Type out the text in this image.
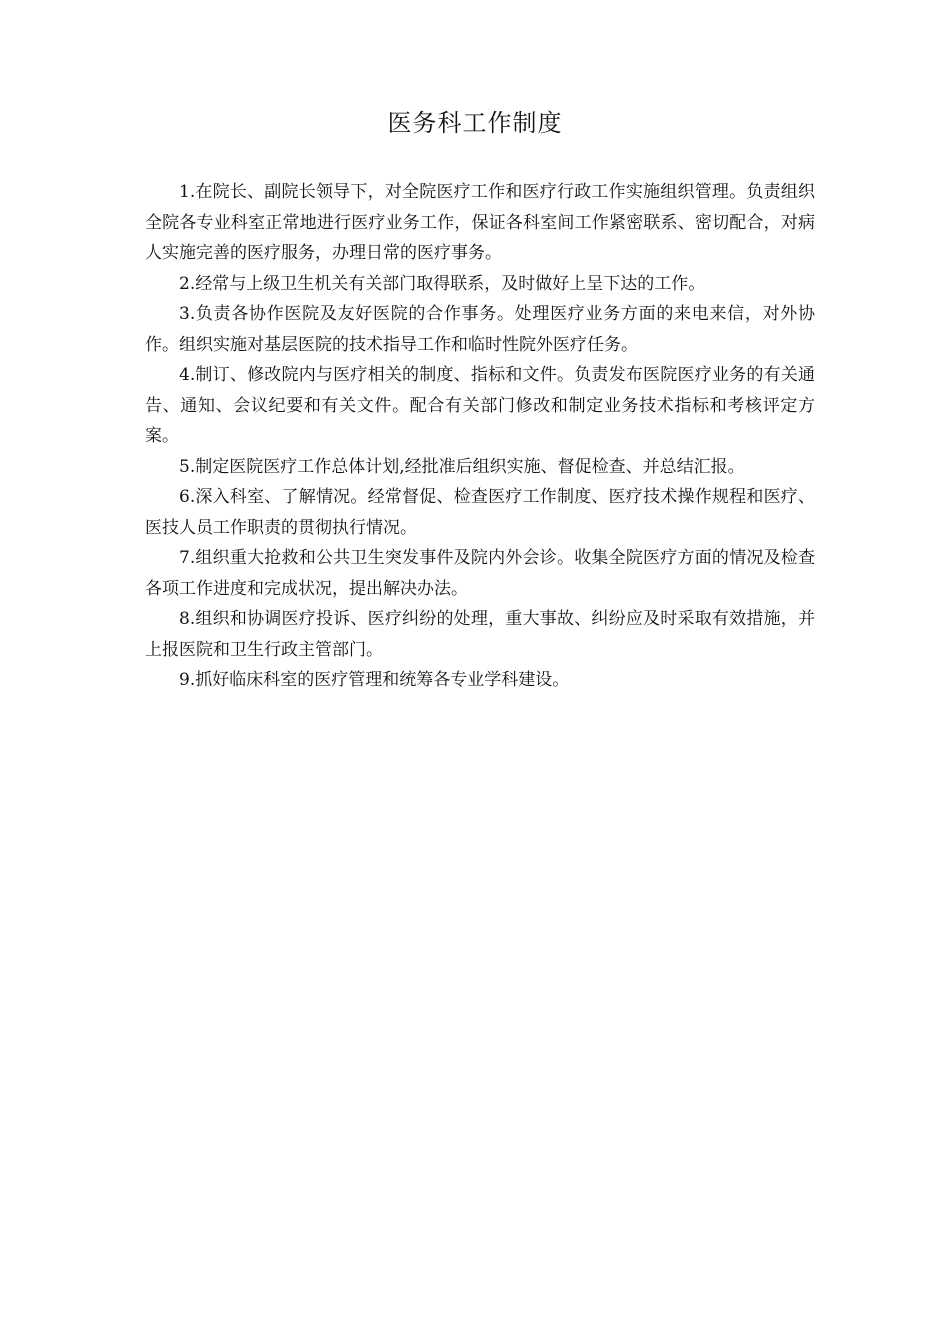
医务科工作制度

1.在院长、副院长领导下，对全院医疗工作和医疗行政工作实施组织管理。负责组织全院各专业科室正常地进行医疗业务工作，保证各科室间工作紧密联系、密切配合，对病人实施完善的医疗服务，办理日常的医疗事务。

2.经常与上级卫生机关有关部门取得联系，及时做好上呈下达的工作。

3.负责各协作医院及友好医院的合作事务。处理医疗业务方面的来电来信，对外协作。组织实施对基层医院的技术指导工作和临时性院外医疗任务。

4.制订、修改院内与医疗相关的制度、指标和文件。负责发布医院医疗业务的有关通告、通知、会议纪要和有关文件。配合有关部门修改和制定业务技术指标和考核评定方案。

5.制定医院医疗工作总体计划,经批准后组织实施、督促检查、并总结汇报。

6.深入科室、了解情况。经常督促、检查医疗工作制度、医疗技术操作规程和医疗、医技人员工作职责的贯彻执行情况。

7.组织重大抢救和公共卫生突发事件及院内外会诊。收集全院医疗方面的情况及检查各项工作进度和完成状况，提出解决办法。

8.组织和协调医疗投诉、医疗纠纷的处理，重大事故、纠纷应及时采取有效措施，并上报医院和卫生行政主管部门。

9.抓好临床科室的医疗管理和统筹各专业学科建设。
